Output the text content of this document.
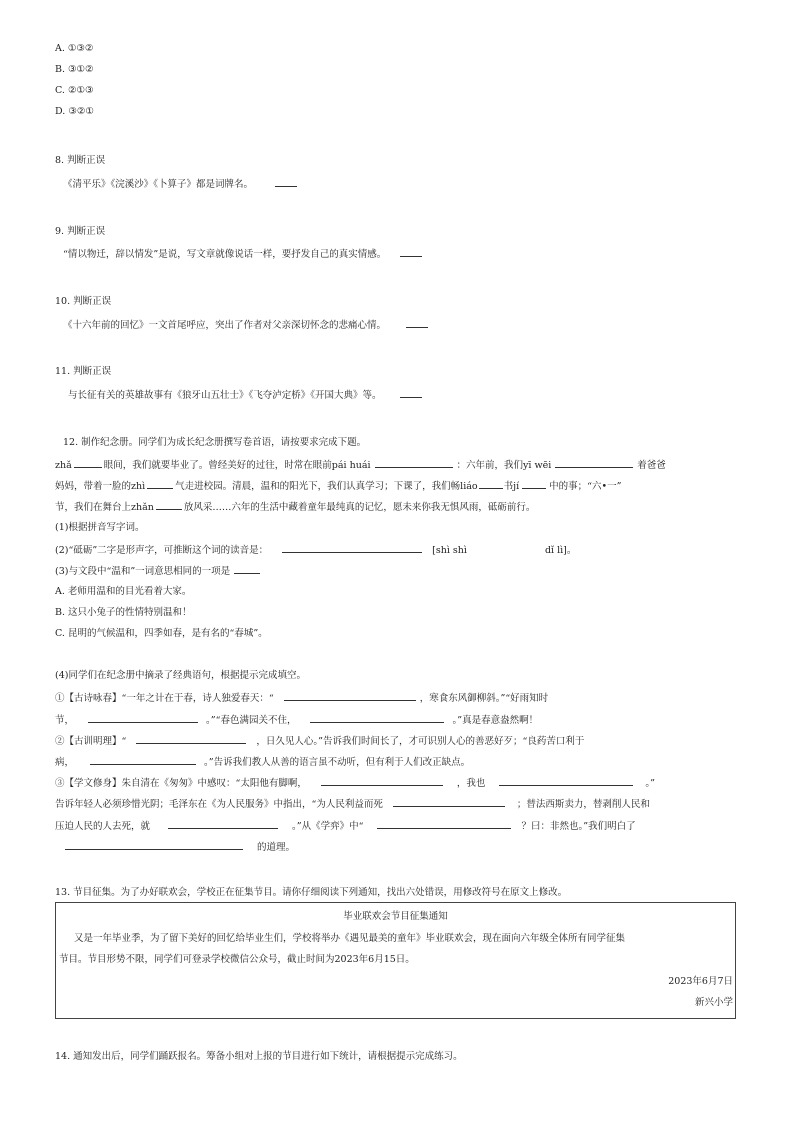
A. ①③②
B. ③①②
C. ②①③
D. ③②①
8. 判断正误
《清平乐》《浣溪沙》《卜算子》都是词牌名。
9. 判断正误
“情以物迁，辞以情发”是说，写文章就像说话一样，要抒发自己的真实情感。
10. 判断正误
《十六年前的回忆》一文首尾呼应，突出了作者对父亲深切怀念的悲痛心情。
11. 判断正误
与长征有关的英雄故事有《狼牙山五壮士》《飞夺泸定桥》《开国大典》等。
12. 制作纪念册。同学们为成长纪念册撰写卷首语，请按要求完成下题。
zhǎ	眼间，我们就要毕业了。曾经美好的过往，时常在眼前pái huái	：六年前，我们yī wēi	着爸爸
妈妈，带着一脸的zhì	气走进校园。清晨，温和的阳光下，我们认真学习；下课了，我们畅liáo	书jí	中的事；“六•一”
节，我们在舞台上zhǎn	放风采……六年的生活中藏着童年最纯真的记忆，愿未来你我无惧风雨，砥砺前行。
(1)根据拼音写字词。
(2)“砥砺”二字是形声字，可推断这个词的读音是：	[shì shì	dǐ lì]。
(3)与文段中“温和”一词意思相同的一项是
A. 老师用温和的目光看着大家。
B. 这只小兔子的性情特别温和！
C. 昆明的气候温和，四季如春，是有名的“春城”。
(4)同学们在纪念册中摘录了经典语句，根据提示完成填空。
①【古诗咏春】“一年之计在于春，诗人独爱春天：“	，寒食东风御柳斜。”“好雨知时
节，	。”“春色满园关不住，	。”真是春意盎然啊！
②【古训明理】“	，日久见人心。”告诉我们时间长了，才可识别人心的善恶好歹；“良药苦口利于
病，	。”告诉我们教人从善的语言虽不动听，但有利于人们改正缺点。
③【学文修身】朱自清在《匆匆》中感叹：“太阳他有脚啊，	，我也	。”
告诉年轻人必须珍惜光阴；毛泽东在《为人民服务》中指出，“为人民利益而死	；替法西斯卖力，替剥削人民和
压迫人民的人去死，就	。”从《学弈》中“	？曰：非然也。”我们明白了
的道理。
13. 节目征集。为了办好联欢会，学校正在征集节目。请你仔细阅读下列通知，找出六处错误，用修改符号在原文上修改。
毕业联欢会节目征集通知
又是一年毕业季，为了留下美好的回忆给毕业生们，学校将举办《遇见最美的童年》毕业联欢会，现在面向六年级全体所有同学征集
节目。节目形势不限，同学们可登录学校微信公众号，截止时间为2023年6月15日。
2023年6月7日
新兴小学
14. 通知发出后，同学们踊跃报名。筹备小组对上报的节目进行如下统计，请根据提示完成练习。
